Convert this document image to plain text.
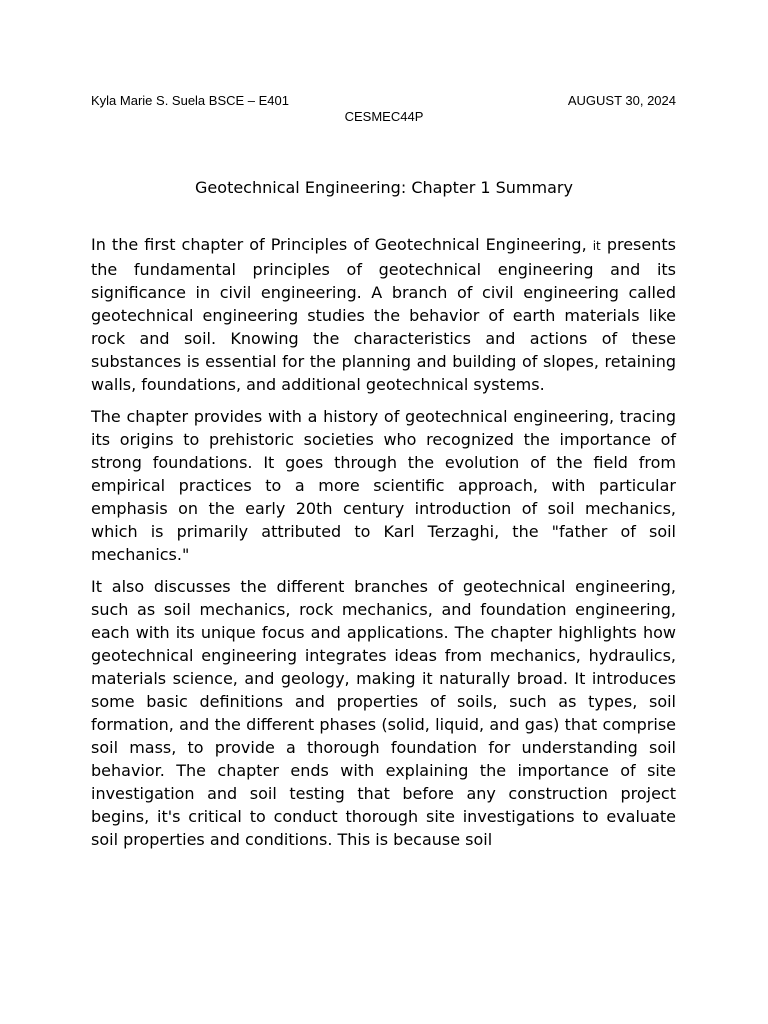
Kyla Marie S. Suela BSCE – E401	AUGUST 30, 2024
CESMEC44P
Geotechnical Engineering: Chapter 1 Summary

In the first chapter of Principles of Geotechnical Engineering, it presents the fundamental principles of geotechnical engineering and its significance in civil engineering. A branch of civil engineering called geotechnical engineering studies the behavior of earth materials like rock and soil. Knowing the characteristics and actions of these substances is essential for the planning and building of slopes, retaining walls, foundations, and additional geotechnical systems.

The chapter provides with a history of geotechnical engineering, tracing its origins to prehistoric societies who recognized the importance of strong foundations. It goes through the evolution of the field from empirical practices to a more scientific approach, with particular emphasis on the early 20th century introduction of soil mechanics, which is primarily attributed to Karl Terzaghi, the "father of soil mechanics."

It also discusses the different branches of geotechnical engineering, such as soil mechanics, rock mechanics, and foundation engineering, each with its unique focus and applications. The chapter highlights how geotechnical engineering integrates ideas from mechanics, hydraulics, materials science, and geology, making it naturally broad. It introduces some basic definitions and properties of soils, such as types, soil formation, and the different phases (solid, liquid, and gas) that comprise soil mass, to provide a thorough foundation for understanding soil behavior. The chapter ends with explaining the importance of site investigation and soil testing that before any construction project begins, it's critical to conduct thorough site investigations to evaluate soil properties and conditions. This is because soil
